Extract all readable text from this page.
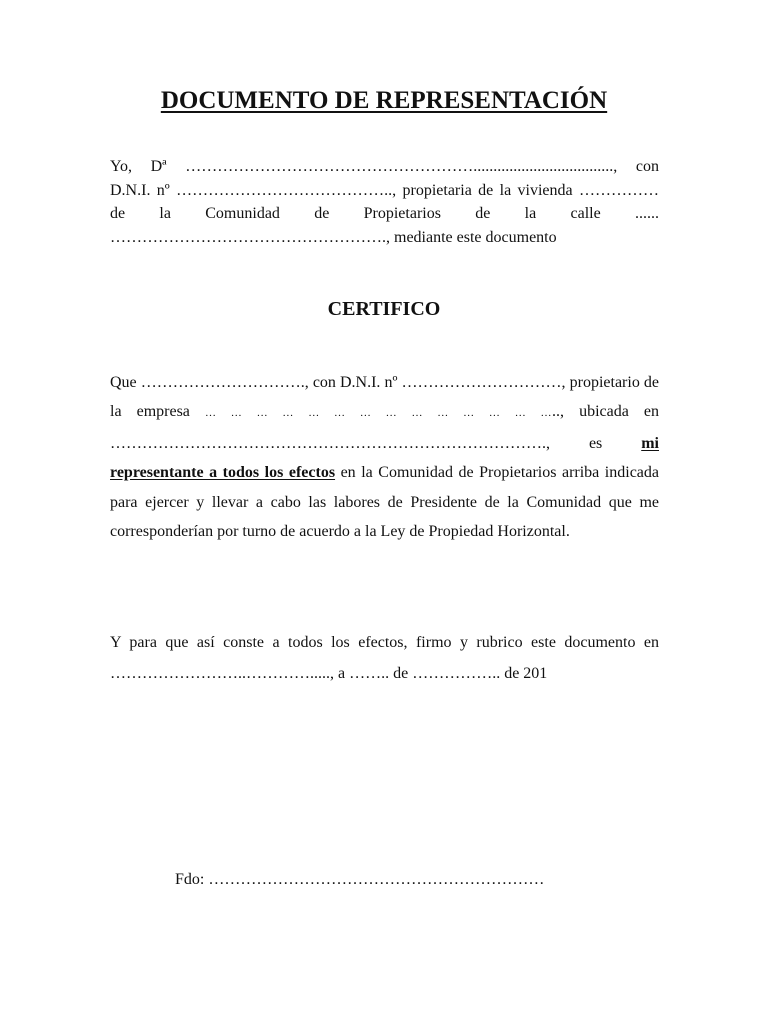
DOCUMENTO DE REPRESENTACIÓN

Yo, Dª ………………………………………………..................................., con D.N.I. nº ………………………………….., propietaria de la vivienda …………… de la Comunidad de Propietarios de la calle ...... ……………………………………………., mediante este documento

CERTIFICO

Que …………………………., con D.N.I. nº …………………………, propietario de la empresa … … … … … … … … … … … … … ….., ubicada en ………………………………………………………………………., es mi representante a todos los efectos en la Comunidad de Propietarios arriba indicada para ejercer y llevar a cabo las labores de Presidente de la Comunidad que me corresponderían por turno de acuerdo a la Ley de Propiedad Horizontal.

Y para que así conste a todos los efectos, firmo y rubrico este documento en ……………………..…………....., a …….. de …………….. de 201

Fdo: ………………………………………………………
